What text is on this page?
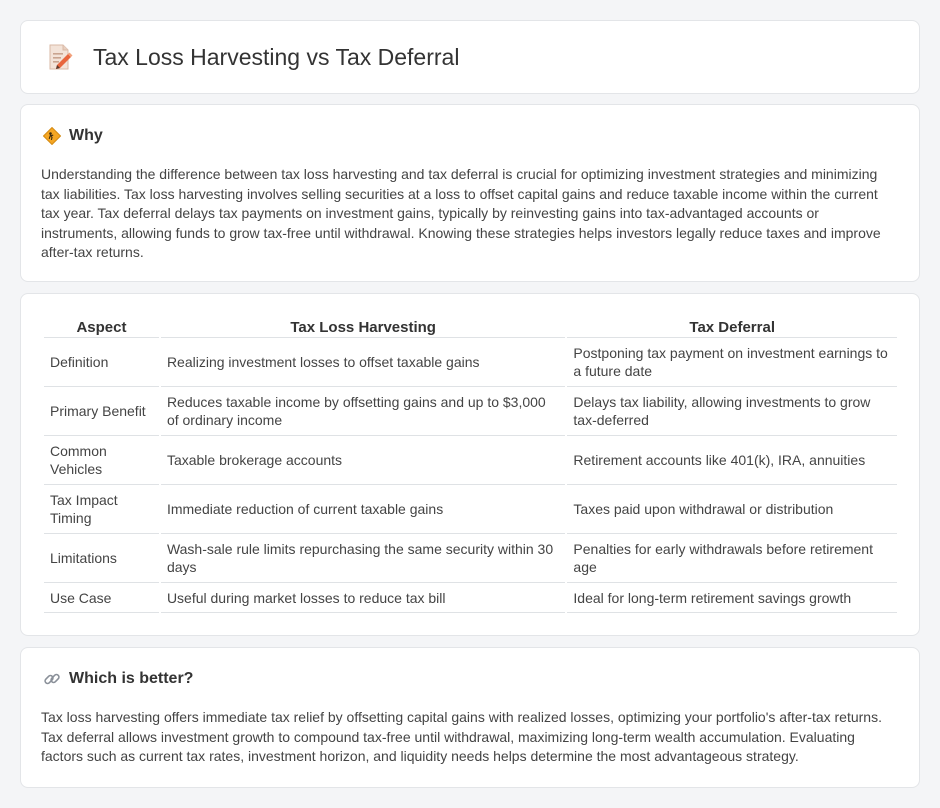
Tax Loss Harvesting vs Tax Deferral
Why

Understanding the difference between tax loss harvesting and tax deferral is crucial for optimizing investment strategies and minimizing tax liabilities. Tax loss harvesting involves selling securities at a loss to offset capital gains and reduce taxable income within the current tax year. Tax deferral delays tax payments on investment gains, typically by reinvesting gains into tax-advantaged accounts or instruments, allowing funds to grow tax-free until withdrawal. Knowing these strategies helps investors legally reduce taxes and improve after-tax returns.

Aspect	Tax Loss Harvesting	Tax Deferral
Definition	Realizing investment losses to offset taxable gains	Postponing tax payment on investment earnings to a future date
Primary Benefit	Reduces taxable income by offsetting gains and up to $3,000 of ordinary income	Delays tax liability, allowing investments to grow tax-deferred
Common Vehicles	Taxable brokerage accounts	Retirement accounts like 401(k), IRA, annuities
Tax Impact Timing	Immediate reduction of current taxable gains	Taxes paid upon withdrawal or distribution
Limitations	Wash-sale rule limits repurchasing the same security within 30 days	Penalties for early withdrawals before retirement age
Use Case	Useful during market losses to reduce tax bill	Ideal for long-term retirement savings growth
Which is better?

Tax loss harvesting offers immediate tax relief by offsetting capital gains with realized losses, optimizing your portfolio's after-tax returns. Tax deferral allows investment growth to compound tax-free until withdrawal, maximizing long-term wealth accumulation. Evaluating factors such as current tax rates, investment horizon, and liquidity needs helps determine the most advantageous strategy.
